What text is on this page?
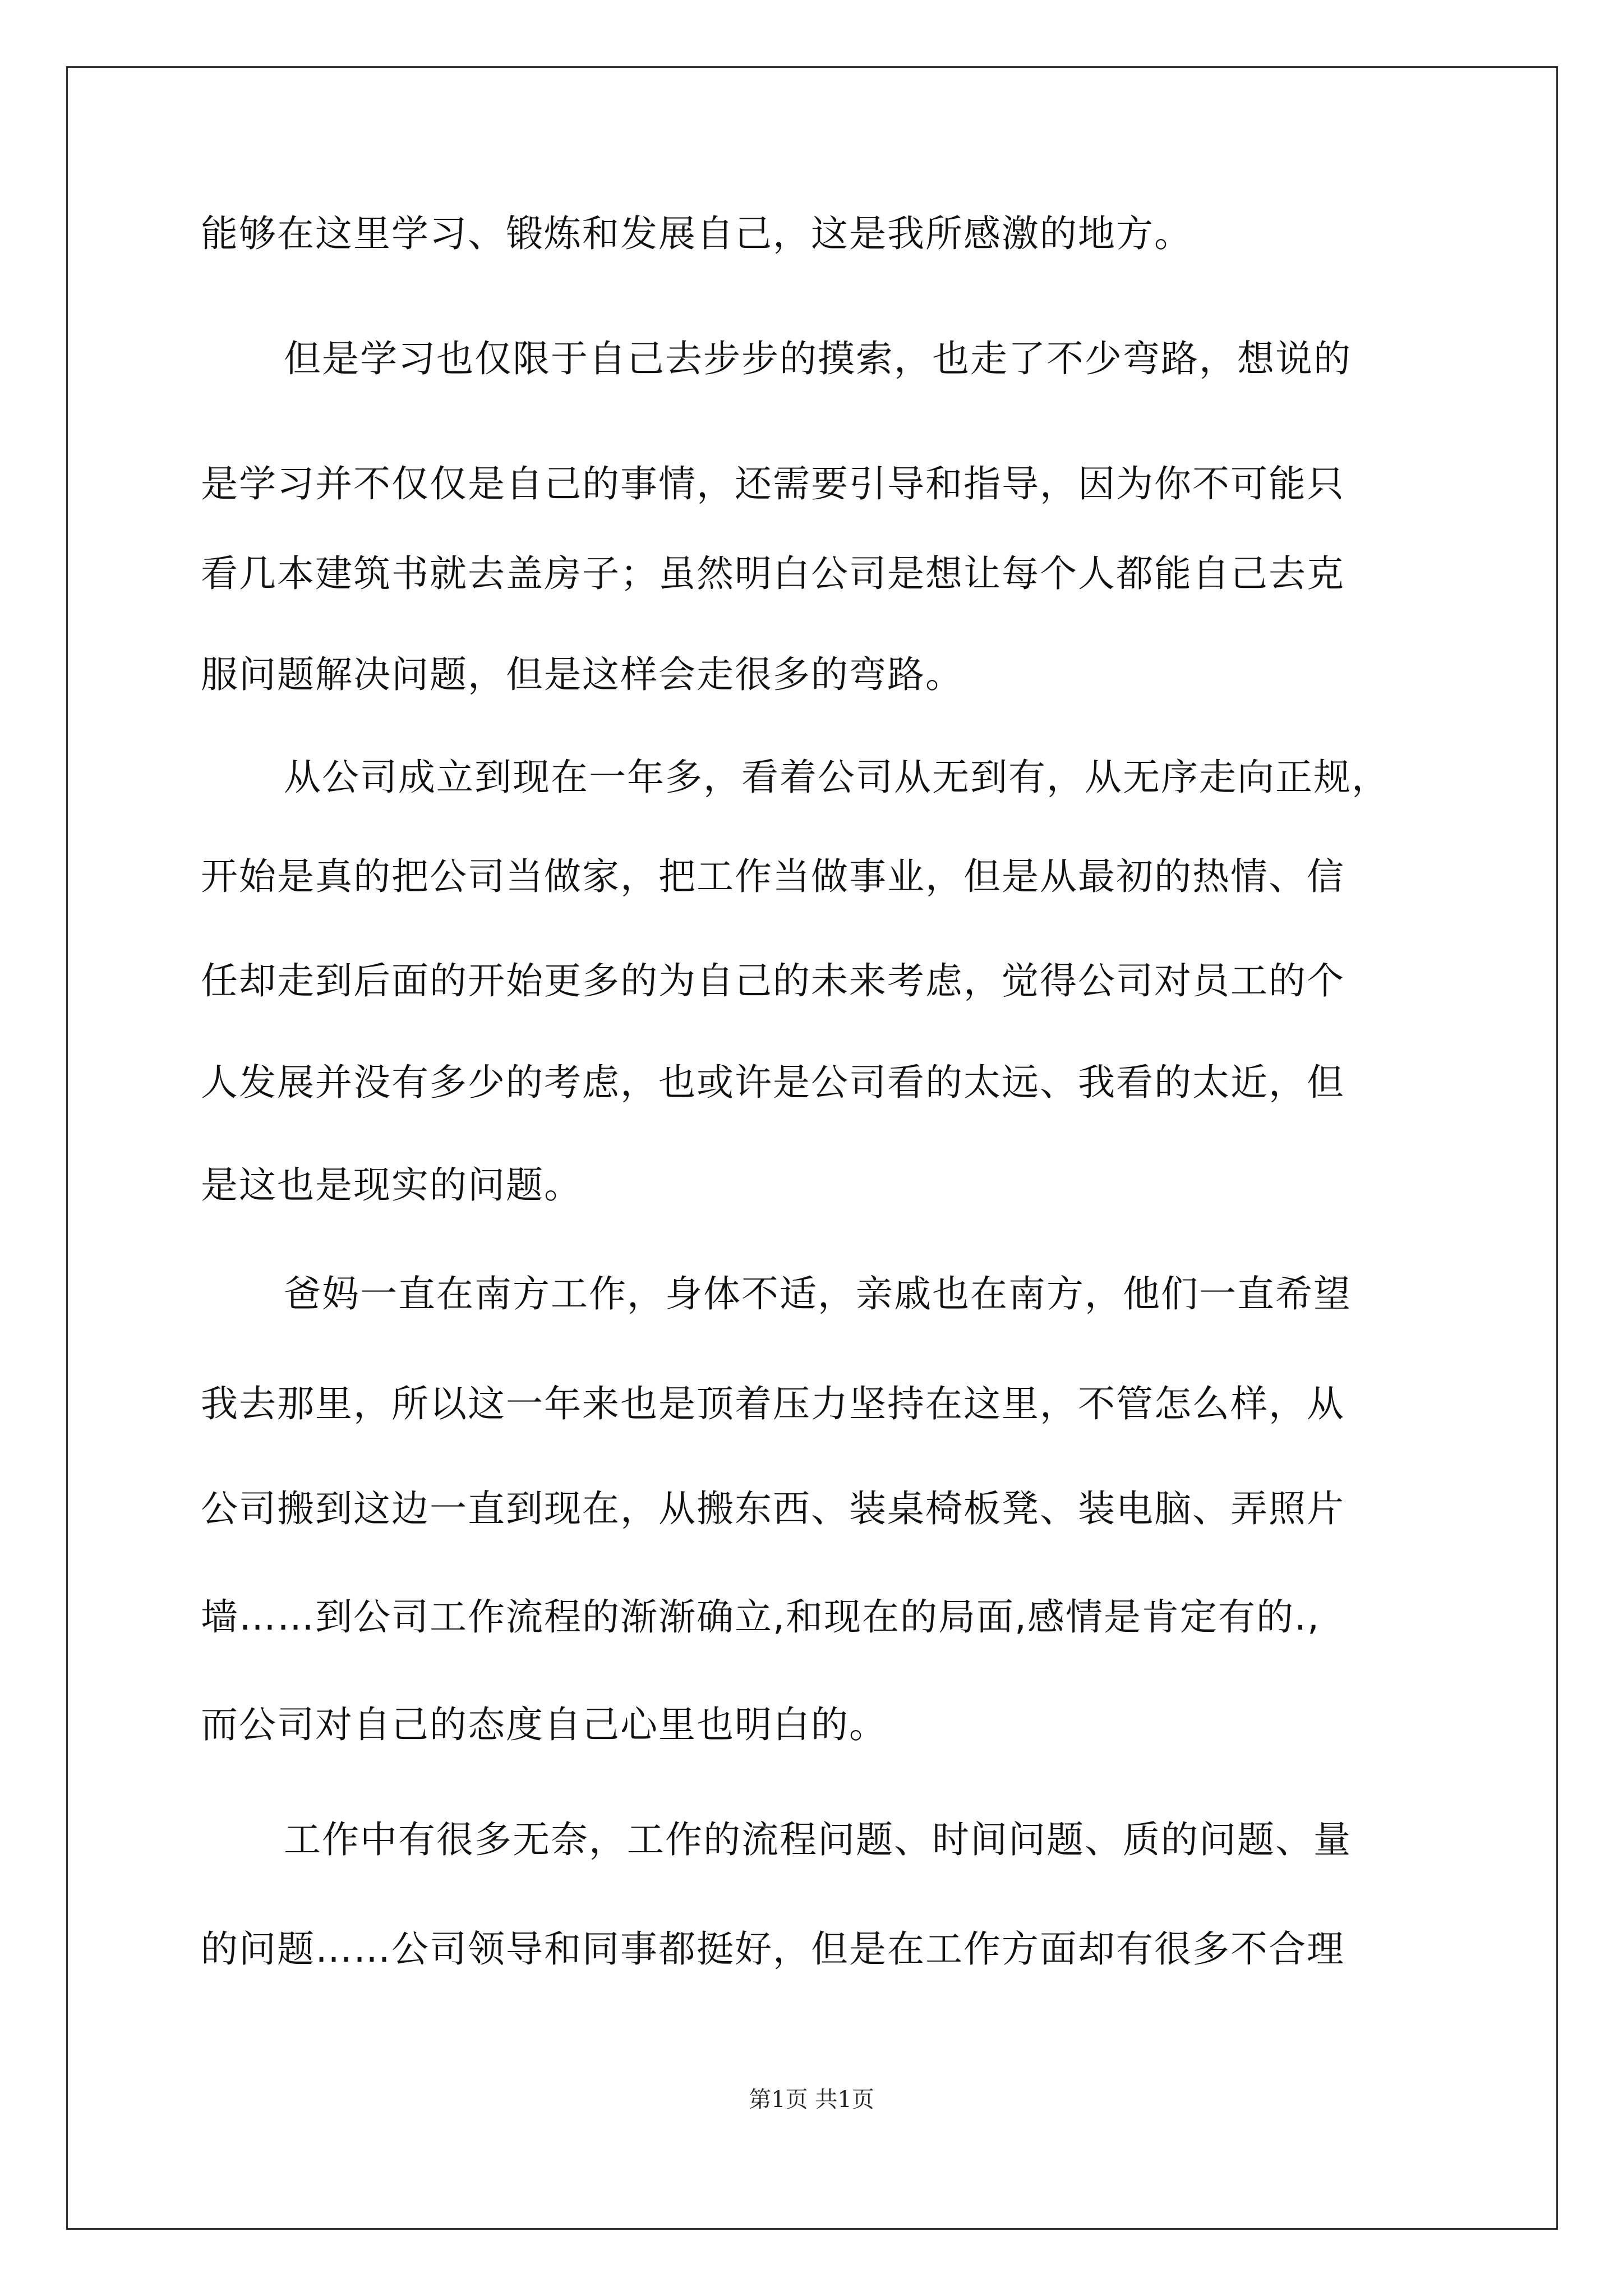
能够在这里学习、锻炼和发展自己，这是我所感激的地方。
但是学习也仅限于自己去步步的摸索，也走了不少弯路，想说的
是学习并不仅仅是自己的事情，还需要引导和指导，因为你不可能只
看几本建筑书就去盖房子；虽然明白公司是想让每个人都能自己去克
服问题解决问题，但是这样会走很多的弯路。
从公司成立到现在一年多，看着公司从无到有，从无序走向正规，
开始是真的把公司当做家，把工作当做事业，但是从最初的热情、信
任却走到后面的开始更多的为自己的未来考虑，觉得公司对员工的个
人发展并没有多少的考虑，也或许是公司看的太远、我看的太近，但
是这也是现实的问题。
爸妈一直在南方工作，身体不适，亲戚也在南方，他们一直希望
我去那里，所以这一年来也是顶着压力坚持在这里，不管怎么样，从
公司搬到这边一直到现在，从搬东西、装桌椅板凳、装电脑、弄照片
墙……到公司工作流程的渐渐确立,和现在的局面,感情是肯定有的.,
而公司对自己的态度自己心里也明白的。
工作中有很多无奈，工作的流程问题、时间问题、质的问题、量
的问题……公司领导和同事都挺好，但是在工作方面却有很多不合理
第1页 共1页
